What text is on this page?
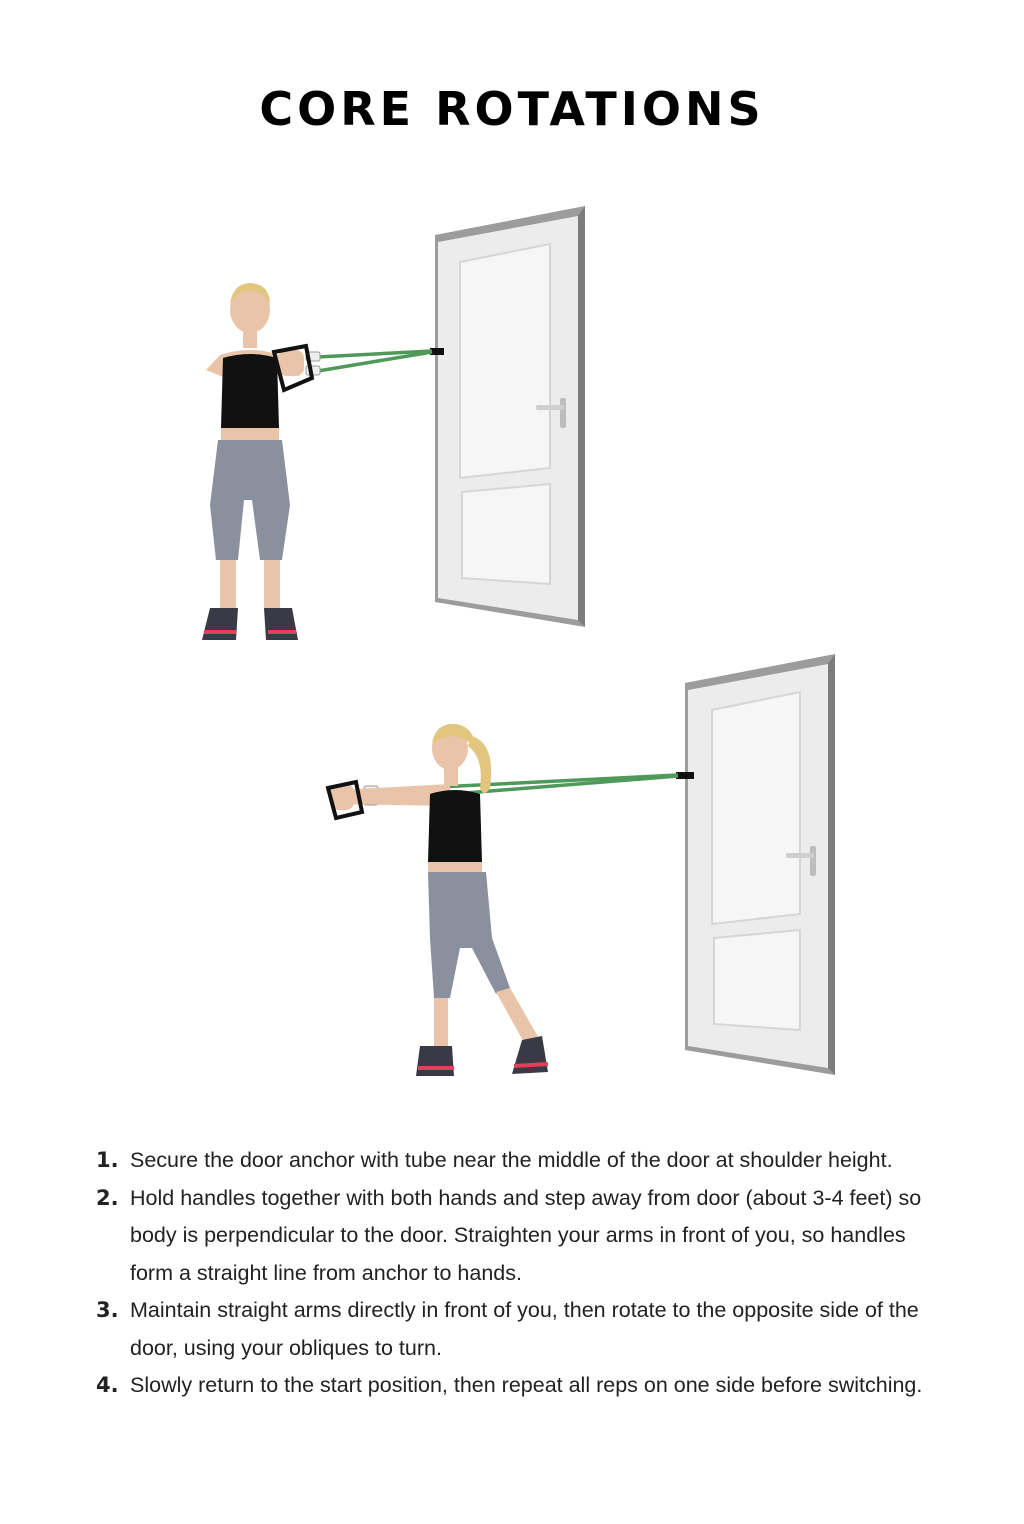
CORE ROTATIONS
1. Secure the door anchor with tube near the middle of the door at shoulder height.
2. Hold handles together with both hands and step away from door (about 3-4 feet) so body is perpendicular to the door. Straighten your arms in front of you, so handles form a straight line from anchor to hands.
3. Maintain straight arms directly in front of you, then rotate to the opposite side of the door, using your obliques to turn.
4. Slowly return to the start position, then repeat all reps on one side before switching.
